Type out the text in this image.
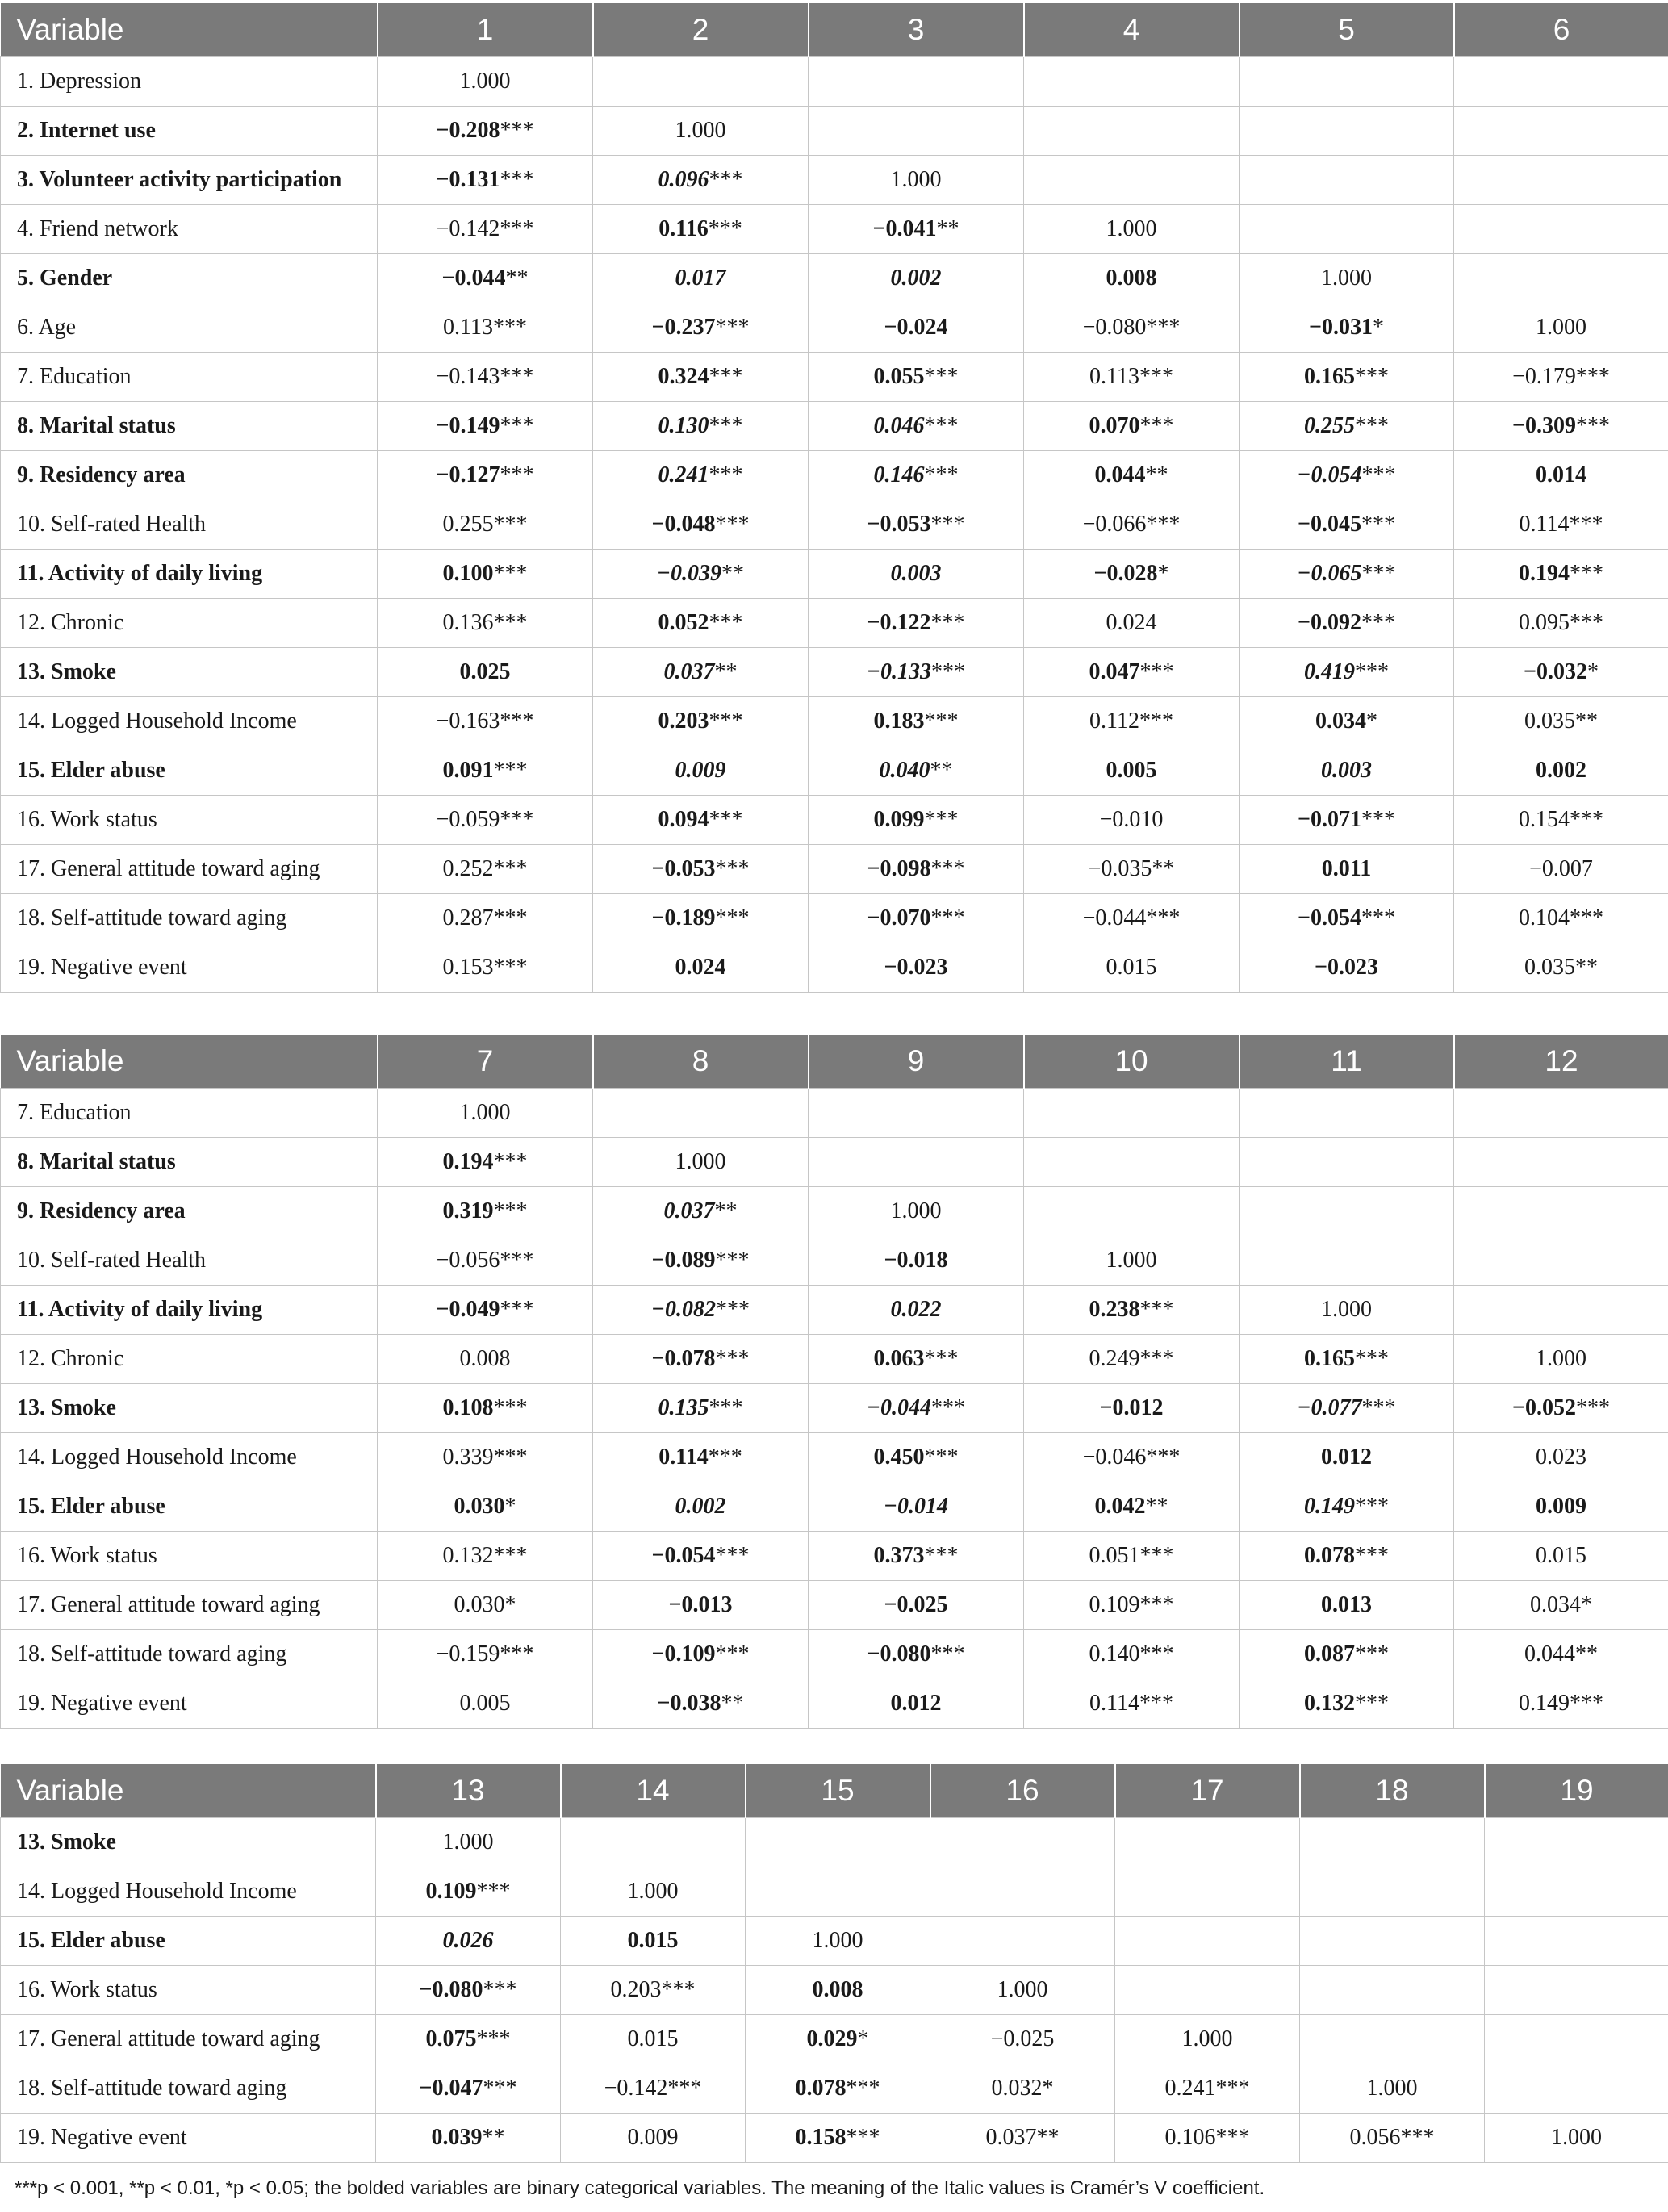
Variable	1	2	3	4	5	6
1. Depression	1.000					
2. Internet use	−0.208***	1.000				
3. Volunteer activity participation	−0.131***	0.096***	1.000			
4. Friend network	−0.142***	0.116***	−0.041**	1.000		
5. Gender	−0.044**	0.017	0.002	0.008	1.000	
6. Age	0.113***	−0.237***	−0.024	−0.080***	−0.031*	1.000
7. Education	−0.143***	0.324***	0.055***	0.113***	0.165***	−0.179***
8. Marital status	−0.149***	0.130***	0.046***	0.070***	0.255***	−0.309***
9. Residency area	−0.127***	0.241***	0.146***	0.044**	−0.054***	0.014
10. Self-rated Health	0.255***	−0.048***	−0.053***	−0.066***	−0.045***	0.114***
11. Activity of daily living	0.100***	−0.039**	0.003	−0.028*	−0.065***	0.194***
12. Chronic	0.136***	0.052***	−0.122***	0.024	−0.092***	0.095***
13. Smoke	0.025	0.037**	−0.133***	0.047***	0.419***	−0.032*
14. Logged Household Income	−0.163***	0.203***	0.183***	0.112***	0.034*	0.035**
15. Elder abuse	0.091***	0.009	0.040**	0.005	0.003	0.002
16. Work status	−0.059***	0.094***	0.099***	−0.010	−0.071***	0.154***
17. General attitude toward aging	0.252***	−0.053***	−0.098***	−0.035**	0.011	−0.007
18. Self-attitude toward aging	0.287***	−0.189***	−0.070***	−0.044***	−0.054***	0.104***
19. Negative event	0.153***	0.024	−0.023	0.015	−0.023	0.035**
Variable	7	8	9	10	11	12
7. Education	1.000					
8. Marital status	0.194***	1.000				
9. Residency area	0.319***	0.037**	1.000			
10. Self-rated Health	−0.056***	−0.089***	−0.018	1.000		
11. Activity of daily living	−0.049***	−0.082***	0.022	0.238***	1.000	
12. Chronic	0.008	−0.078***	0.063***	0.249***	0.165***	1.000
13. Smoke	0.108***	0.135***	−0.044***	−0.012	−0.077***	−0.052***
14. Logged Household Income	0.339***	0.114***	0.450***	−0.046***	0.012	0.023
15. Elder abuse	0.030*	0.002	−0.014	0.042**	0.149***	0.009
16. Work status	0.132***	−0.054***	0.373***	0.051***	0.078***	0.015
17. General attitude toward aging	0.030*	−0.013	−0.025	0.109***	0.013	0.034*
18. Self-attitude toward aging	−0.159***	−0.109***	−0.080***	0.140***	0.087***	0.044**
19. Negative event	0.005	−0.038**	0.012	0.114***	0.132***	0.149***
Variable	13	14	15	16	17	18	19
13. Smoke	1.000						
14. Logged Household Income	0.109***	1.000					
15. Elder abuse	0.026	0.015	1.000				
16. Work status	−0.080***	0.203***	0.008	1.000			
17. General attitude toward aging	0.075***	0.015	0.029*	−0.025	1.000		
18. Self-attitude toward aging	−0.047***	−0.142***	0.078***	0.032*	0.241***	1.000	
19. Negative event	0.039**	0.009	0.158***	0.037**	0.106***	0.056***	1.000
***p < 0.001, **p < 0.01, *p < 0.05; the bolded variables are binary categorical variables. The meaning of the Italic values is Cramér’s V coefficient.
